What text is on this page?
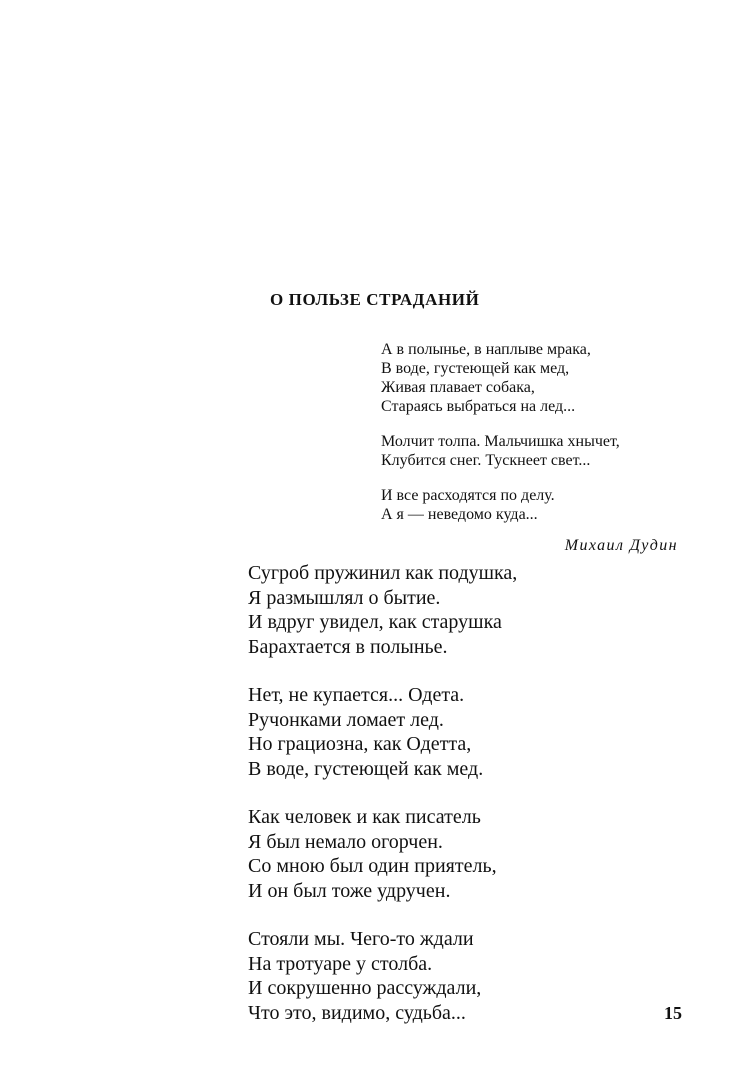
О ПОЛЬЗЕ СТРАДАНИЙ
А в полынье, в наплыве мрака,
В воде, густеющей как мед,
Живая плавает собака,
Стараясь выбраться на лед...
Молчит толпа. Мальчишка хнычет,
Клубится снег. Тускнеет свет...
И все расходятся по делу.
А я — неведомо куда...
Михаил Дудин
Сугроб пружинил как подушка,
Я размышлял о бытие.
И вдруг увидел, как старушка
Барахтается в полынье.
Нет, не купается... Одета.
Ручонками ломает лед.
Но грациозна, как Одетта,
В воде, густеющей как мед.
Как человек и как писатель
Я был немало огорчен.
Со мною был один приятель,
И он был тоже удручен.
Стояли мы. Чего-то ждали
На тротуаре у столба.
И сокрушенно рассуждали,
Что это, видимо, судьба...	15
